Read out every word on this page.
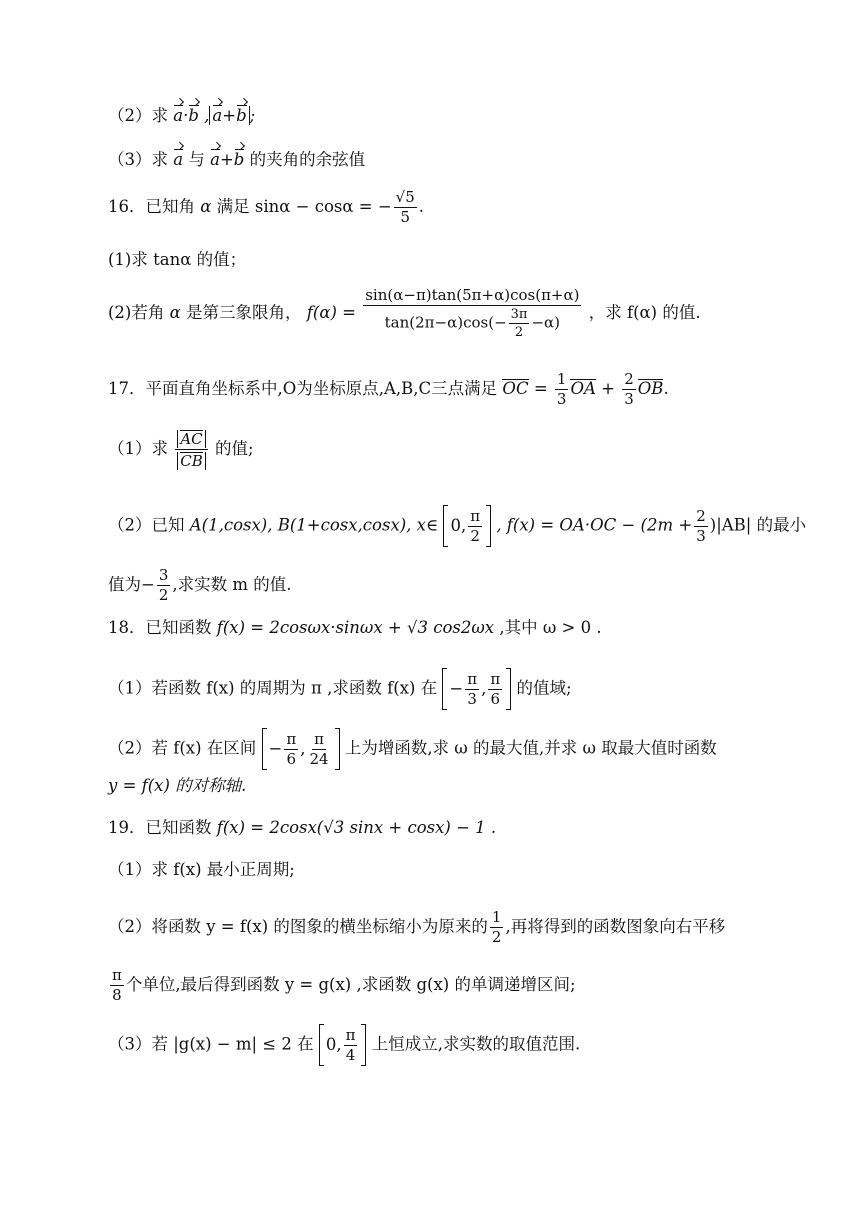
（2）求 a·b , a+b ;
（3）求 a 与 a+b 的夹角的余弦值
16．已知角 α 满足 sinα − cosα = − $\frac{√5}{5}$ .
(1)求 tanα 的值；
(2)若角 α 是第三象限角， $f(\alpha) = \frac{\sin(\alpha-\pi)\tan(5\pi+\alpha)\cos(\pi+\alpha)}{\tan(2\pi-\alpha)\cos(- \frac{3\pi}{2} -\alpha)}$ ，求 f(α) 的值.
17．平面直角坐标系中,O为坐标原点,A,B,C三点满足 OC = $\frac{1}{3}$ OA + $\frac{2}{3}$ OB.
（1）求 $\frac{AC}{CB}$ 的值;
（2）已知 A(1,cosx), B(1+cosx,cosx), x∈ 0, $\frac{\pi}{2}$ , $f(x) = OA\cdot OC - (2m + \frac{2}{3} )|AB|$ 的最小
值为− $\frac{3}{2}$ ,求实数 m 的值.
18．已知函数 f(x) = 2cosωx·sinωx + √3 cos2ωx ,其中 ω > 0 .
（1）若函数 f(x) 的周期为 π ,求函数 f(x) 在 − $\frac{\pi}{3}$ , $\frac{\pi}{6}$ 的值域;
（2）若 f(x) 在区间 − $\frac{\pi}{6}$ , $\frac{\pi}{24}$ 上为增函数,求 ω 的最大值,并求 ω 取最大值时函数
y = f(x) 的对称轴.
19．已知函数 f(x) = 2cosx(√3 sinx + cosx) − 1 .
（1）求 f(x) 最小正周期;
（2）将函数 y = f(x) 的图象的横坐标缩小为原来的 $\frac{1}{2}$ ,再将得到的函数图象向右平移
$\frac{\pi}{8}$ 个单位,最后得到函数 y = g(x) ,求函数 g(x) 的单调递增区间;
（3）若 |g(x) − m| ≤ 2 在 0, $\frac{\pi}{4}$ 上恒成立,求实数的取值范围.
